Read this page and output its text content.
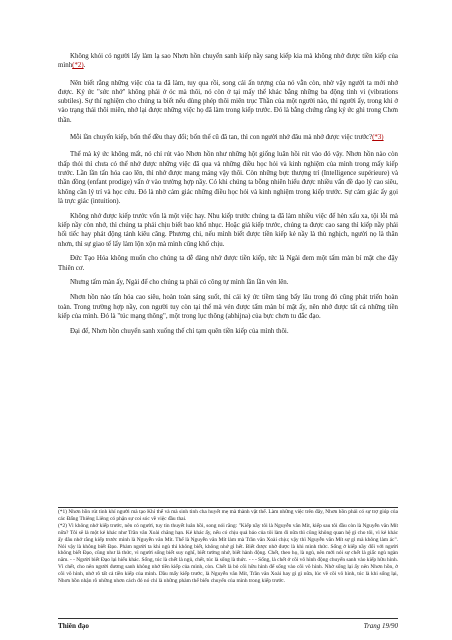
Không khói có người lấy làm lạ sao Nhơn hồn chuyển sanh kiếp nầy sang kiếp kia mà không nhớ được tiền kiếp của mình(*2).

Nên biết rằng những việc của ta đã làm, tuy qua rồi, song cái ấn tượng của nó vẫn còn, nhờ vậy người ta mới nhớ được. Ký ức "sức nhớ" không phải ở óc mà thôi, nó còn ở tại mấy thể khác bằng những ba động tinh vi (vibrations subtiles). Sự thí nghiệm cho chúng ta biết nếu dùng phép thôi miên trục Thần của một người nào, thì người ấy, trong khi ở vào trạng thái thôi miên, nhớ lại được những việc họ đã làm trong kiếp trước. Đó là bằng chứng rằng ký ức ghi trong Chơn thần.

Mỗi lần chuyển kiếp, bốn thể đều thay đổi; bốn thể cũ đã tan, thì con người nhớ đâu mà nhớ được việc trước?(*3)

Thể mà ký ức không mất, nó chỉ rút vào Nhơn hồn như những hột giống luân hồi rút vào đó vậy. Nhơn hồn nào còn thấp thỏi thì chưa có thể nhớ được những việc đã qua và những điều học hỏi và kinh nghiệm của mình trong mấy kiếp trước. Lần lần tấn hóa cao lên, thì nhớ được mang máng vậy thôi. Còn những bực thượng trí (Intelligence supérieure) và thần đồng (enfant prodige) vấn ở vào trường hợp nầy. Có khi chúng ta bỗng nhiên hiểu được nhiều vấn đề dạo lý cao siêu, không cần lý trí và học cứu. Đó là nhờ cảm giác những điều học hỏi và kinh nghiệm trong kiếp trước. Sự cảm giác ấy gọi là trực giác (intuition).

Không nhớ được kiếp trước vốn là một việc hay. Nhu kiếp trước chúng ta đã làm nhiều việc để hèn xấu xa, tội lỗi mà kiếp nầy còn nhớ, thì chúng ta phải chịu biết bao khổ nhục. Hoặc giả kiếp trước, chúng ta được cao sang thì kiếp nầy phải hối tiếc hay phát động tánh kiêu căng. Phương chi, nếu mình biết được tiền kiếp kẻ nầy là thù nghịch, người nọ là thân nhơn, thì sự giao tế lẩy làm lộn xộn mà mình cũng khổ chịu.

Đức Tạo Hóa không muốn cho chúng ta dễ dàng nhớ được tiền kiếp, tức là Ngài đem một tấm màn bí mật che đậy Thiên cơ.

Nhưng tấm màn ấy, Ngài để cho chúng ta phải có công tự mình lần lần vén lên.

Nhơn hồn nào tấn hóa cao siêu, hoàn toàn sáng suốt, thì cái ký ức tiềm tàng bấy lâu trong đó cũng phát triển hoàn toàn. Trong trường hợp nầy, con người tuy còn tại thế mà vén được tấm màn bí mật ấy, nên nhớ được tất cả những tiền kiếp của mình. Đó là "túc mạng thông", một trong lục thông (abhijna) của bực chơn tu đắc đạo.

Đại để, Nhơn hồn chuyển sanh xuống thế chỉ tạm quên tiền kiếp của mình thôi.

(*1) Nhơn hồn rút tinh khí người mà tạo Khí thể và mà sinh tinh cha huyết mẹ mà thành vật thể. Làm những việc trên đây, Nhơn hồn phải có sự trợ giúp của các Đấng Thiêng Liêng có phận sự coi sóc về việc đầu thai.

(*2) Vì không nhớ kiếp trước, nên có người, tuy tin thuyết luân hồi, song nói rằng: "Kiếp nầy tôi là Nguyễn văn Mít, kiếp sau tôi đầu còn là Nguyễn văn Mít nữa? Tôi sẽ là một kẻ khác như Trần văn Xoài chẳng hạn. Kẻ khác ấy, nếu có chịu quả báo của tôi làm đi nữa thì cũng không quan hệ gì cho tôi, vì kẻ khác ấy đâu nhớ rằng kiếp trước mình là Nguyễn văn Mít. Thế là Nguyễn văn Mít làm mà Trần văn Xoài chịu; vậy thì Nguyễn văn Mít sợ gì mà không làm ác". Nói vậy là không biết Đạo. Phàm người ta khi ngủ thì không biết, không nhớ gì hết. Biết được nhờ được là khi mình thức. Sống ở kiếp nầy đối với người không biết Đạo, cũng như là thức, vì người sống biết suy nghĩ, biết tưởng nhớ, biết hành động. Chết, theo họ, là ngủ, nên mới nói sự chết là giấc ngủ ngàn năm. - - Người biết Đạo lại hiểu khác. Sống, túc là chết là ngủ, chết, túc là sống là thức. - - - Sống, là chết ở cõi vô hình động chuyển sanh vào kiếp hữu hình. Vì chết, cho nên người đương sanh không nhớ tiền kiếp của mình, còn. Chết là bỏ cõi hữu hình để sống vào cõi vô hình. Nhờ sống lại ấy nên Nhơn hồn, ở cõi vô hình, nhớ rõ tất cả tiền kiếp của mình. Dầu mấy kiếp trước, là Nguyễn văn Mít, Trần văn Xoài hay gì gì nữa, lúc về cõi vô hình, túc là khi sống lại, Nhơn hồn nhận rõ những nhơn cách đó nó chỉ là những phàm thể biến chuyển của mình trong kiếp trước.

Thiên đạo	Trang 19/90
